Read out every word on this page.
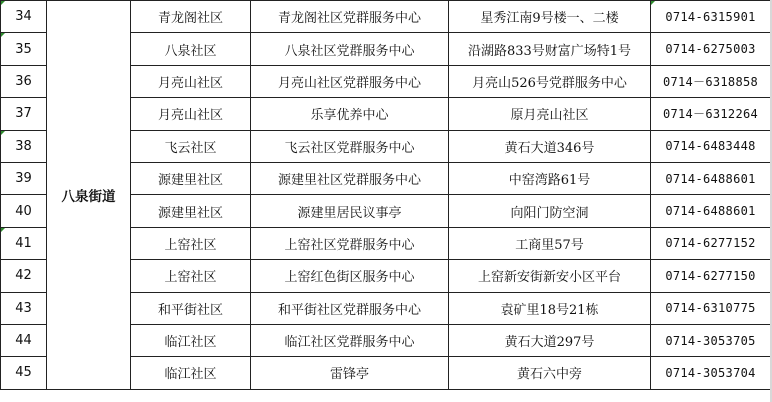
34	八泉街道	青龙阁社区	青龙阁社区党群服务中心	星秀江南9号楼一、二楼	0714-6315901

35		八泉社区	八泉社区党群服务中心	沿湖路833号财富广场特1号	0714-6275003
36		月亮山社区	月亮山社区党群服务中心	月亮山526号党群服务中心	0714－6318858
37		月亮山社区	乐享优养中心	原月亮山社区	0714－6312264
38		飞云社区	飞云社区党群服务中心	黄石大道346号	0714-6483448
39		源建里社区	源建里社区党群服务中心	中窑湾路61号	0714-6488601
40		源建里社区	源建里居民议事亭	向阳门防空洞	0714-6488601
41		上窑社区	上窑社区党群服务中心	工商里57号	0714-6277152
42		上窑社区	上窑红色街区服务中心	上窑新安街新安小区平台	0714-6277150
43		和平街社区	和平街社区党群服务中心	袁矿里18号21栋	0714-6310775
44		临江社区	临江社区党群服务中心	黄石大道297号	0714-3053705
45		临江社区	雷锋亭	黄石六中旁	0714-3053704
